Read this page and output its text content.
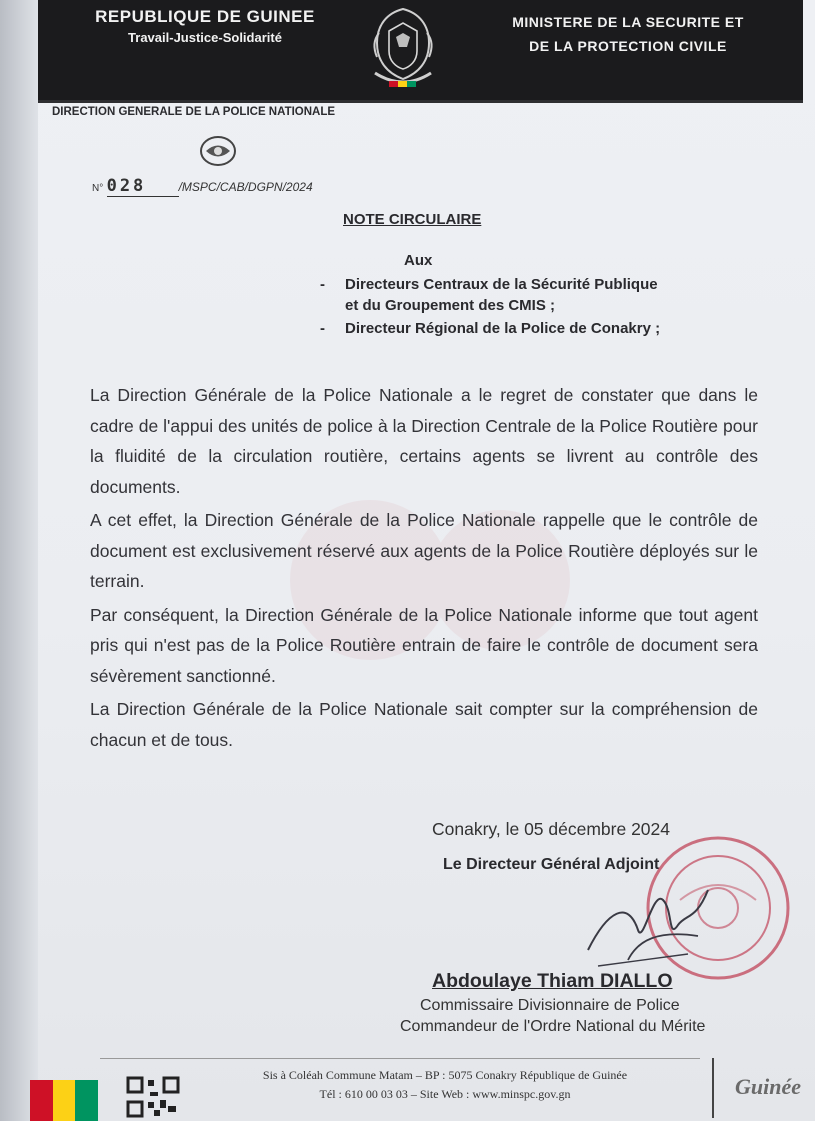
REPUBLIQUE DE GUINEE
Travail-Justice-Solidarité
MINISTERE DE LA SECURITE ET
DE LA PROTECTION CIVILE
DIRECTION GENERALE DE LA POLICE NATIONALE
N° 028	/MSPC/CAB/DGPN/2024
NOTE CIRCULAIRE
Aux
- Directeurs Centraux de la Sécurité Publique
et du Groupement des CMIS ;
- Directeur Régional de la Police de Conakry ;

La Direction Générale de la Police Nationale a le regret de constater que dans le cadre de l'appui des unités de police à la Direction Centrale de la Police Routière pour la fluidité de la circulation routière, certains agents se livrent au contrôle des documents.

A cet effet, la Direction Générale de la Police Nationale rappelle que le contrôle de document est exclusivement réservé aux agents de la Police Routière déployés sur le terrain.

Par conséquent, la Direction Générale de la Police Nationale informe que tout agent pris qui n'est pas de la Police Routière entrain de faire le contrôle de document sera sévèrement sanctionné.

La Direction Générale de la Police Nationale sait compter sur la compréhension de chacun et de tous.

Conakry, le 05 décembre 2024
Le Directeur Général Adjoint
Abdoulaye Thiam DIALLO
Commissaire Divisionnaire de Police
Commandeur de l'Ordre National du Mérite
Sis à Coléah Commune Matam – BP : 5075 Conakry République de Guinée
Tél : 610 00 03 03 – Site Web : www.minspc.gov.gn	Guinée
